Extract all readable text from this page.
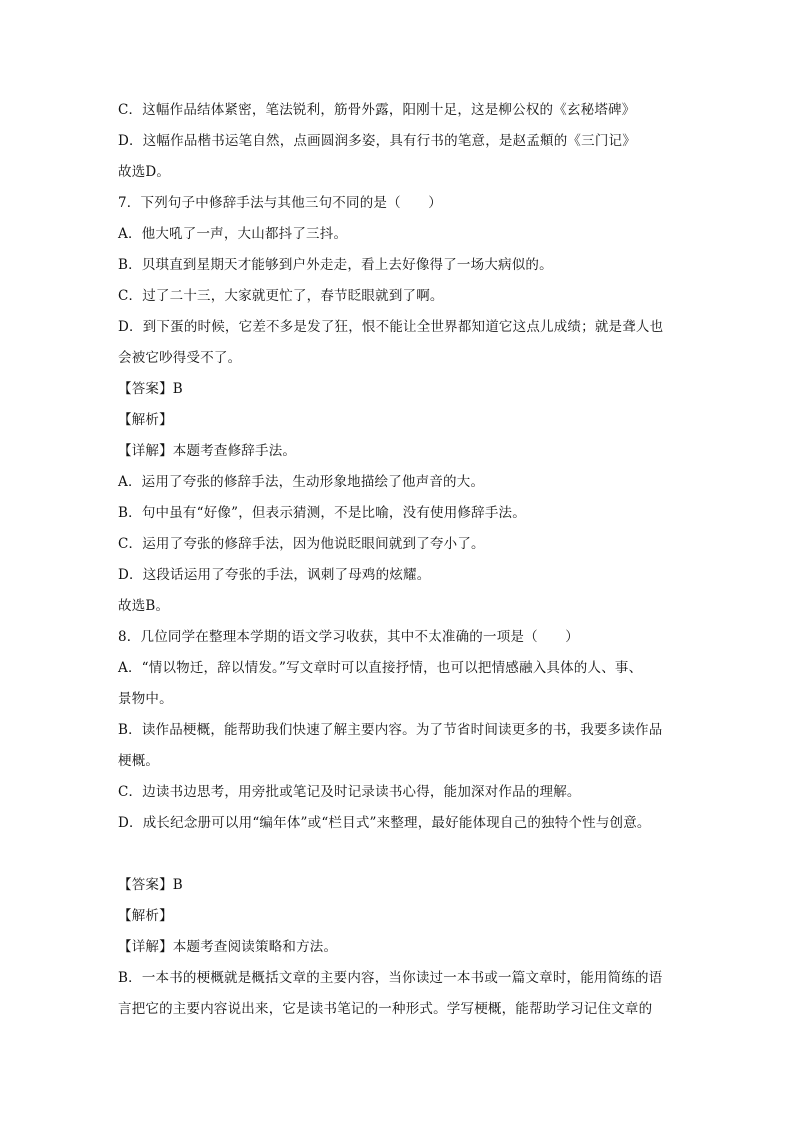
C．这幅作品结体紧密，笔法锐利，筋骨外露，阳刚十足，这是柳公权的《玄秘塔碑》
D．这幅作品楷书运笔自然，点画圆润多姿，具有行书的笔意，是赵孟頫的《三门记》
故选D。
7．下列句子中修辞手法与其他三句不同的是（　　）
A．他大吼了一声，大山都抖了三抖。
B．贝琪直到星期天才能够到户外走走，看上去好像得了一场大病似的。
C．过了二十三，大家就更忙了，春节眨眼就到了啊。
D．到下蛋的时候，它差不多是发了狂，恨不能让全世界都知道它这点儿成绩；就是聋人也
会被它吵得受不了。
【答案】B
【解析】
【详解】本题考查修辞手法。
A．运用了夸张的修辞手法，生动形象地描绘了他声音的大。
B．句中虽有“好像”，但表示猜测，不是比喻，没有使用修辞手法。
C．运用了夸张的修辞手法，因为他说眨眼间就到了夸小了。
D．这段话运用了夸张的手法，讽刺了母鸡的炫耀。
故选B。
8．几位同学在整理本学期的语文学习收获，其中不太准确的一项是（　　）
A．“情以物迁，辞以情发。”写文章时可以直接抒情，也可以把情感融入具体的人、事、
景物中。
B．读作品梗概，能帮助我们快速了解主要内容。为了节省时间读更多的书，我要多读作品
梗概。
C．边读书边思考，用旁批或笔记及时记录读书心得，能加深对作品的理解。
D．成长纪念册可以用“编年体”或“栏目式”来整理，最好能体现自己的独特个性与创意。
【答案】B
【解析】
【详解】本题考查阅读策略和方法。
B．一本书的梗概就是概括文章的主要内容，当你读过一本书或一篇文章时，能用简练的语
言把它的主要内容说出来，它是读书笔记的一种形式。学写梗概，能帮助学习记住文章的
